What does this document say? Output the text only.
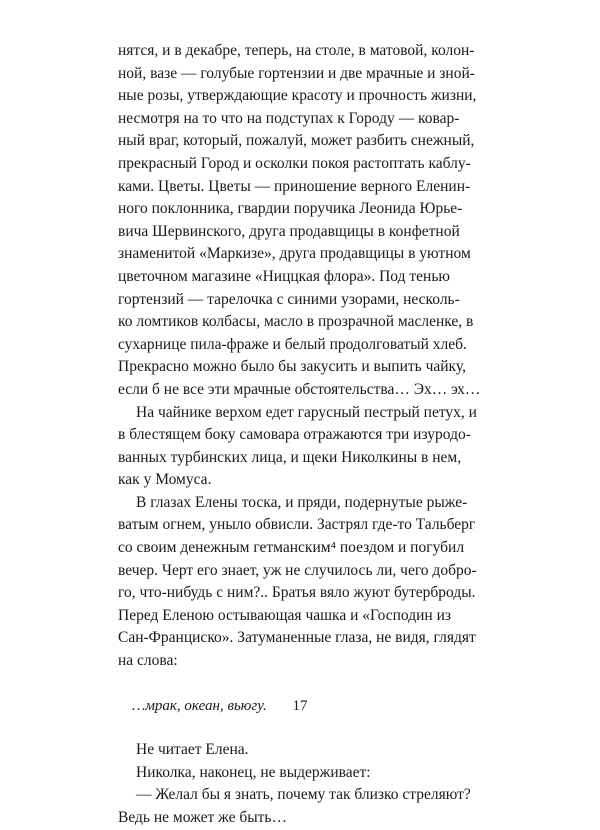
нятся, и в декабре, теперь, на столе, в матовой, колон-
ной, вазе — голубые гортензии и две мрачные и знoй-
ные розы, утверждающие красоту и прочность жизни,
несмотря на то что на подступах к Городу — ковар-
ный враг, который, пожалуй, может разбить снежный,
прекрасный Город и осколки покоя растоптать каблу-
ками. Цветы. Цветы — приношение верного Еленин-
ного поклонника, гвардии поручика Леонида Юрье-
вича Шервинского, друга продавщицы в конфетной
знаменитой «Маркизе», друга продавщицы в уютном
цветочном магазине «Ниццкая флора». Под тенью
гортензий — тарелочка с синими узорами, несколь-
ко ломтиков колбасы, масло в прозрачной масленке, в
сухарнице пила-фраже и белый продолговатый хлеб.
Прекрасно можно было бы закусить и выпить чайку,
если б не все эти мрачные обстоятельства… Эх… эх…
На чайнике верхом едет гарусный пестрый петух, и
в блестящем боку самовара отражаются три изуродо-
ванных турбинских лица, и щеки Николкины в нем,
как у Момуса.
В глазах Елены тоска, и пряди, подернутые рыже-
ватым огнем, уныло обвисли. Застрял где-то Тальберг
со своим денежным гетманским⁴ поездом и погубил
вечер. Черт его знает, уж не случилось ли, чего добро-
го, что-нибудь с ним?.. Братья вяло жуют бутерброды.
Перед Еленою остывающая чашка и «Господин из
Сан-Франциско». Затуманенные глаза, не видя, глядят
на слова:
…мрак, океан, вьюгу.
Не читает Елена.
Николка, наконец, не выдерживает:
— Желал бы я знать, почему так близко стреляют?
Ведь не может же быть…
17
